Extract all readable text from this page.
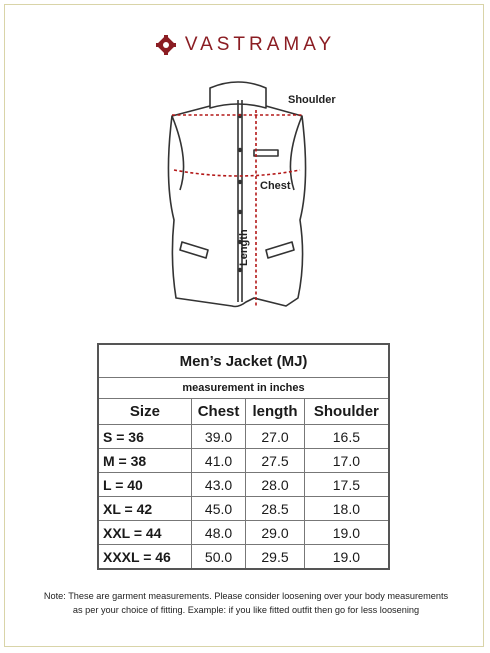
VASTRAMAY
Shoulder
Chest
Length
Men’s Jacket (MJ)			
measurement in inches			
Size	Chest	length	Shoulder
S = 36	39.0	27.0	16.5
M = 38	41.0	27.5	17.0
L = 40	43.0	28.0	17.5
XL = 42	45.0	28.5	18.0
XXL = 44	48.0	29.0	19.0
XXXL = 46	50.0	29.5	19.0
Note: These are garment measurements. Please consider loosening over your body measurements
as per your choice of fitting. Example: if you like fitted outfit then go for less loosening
